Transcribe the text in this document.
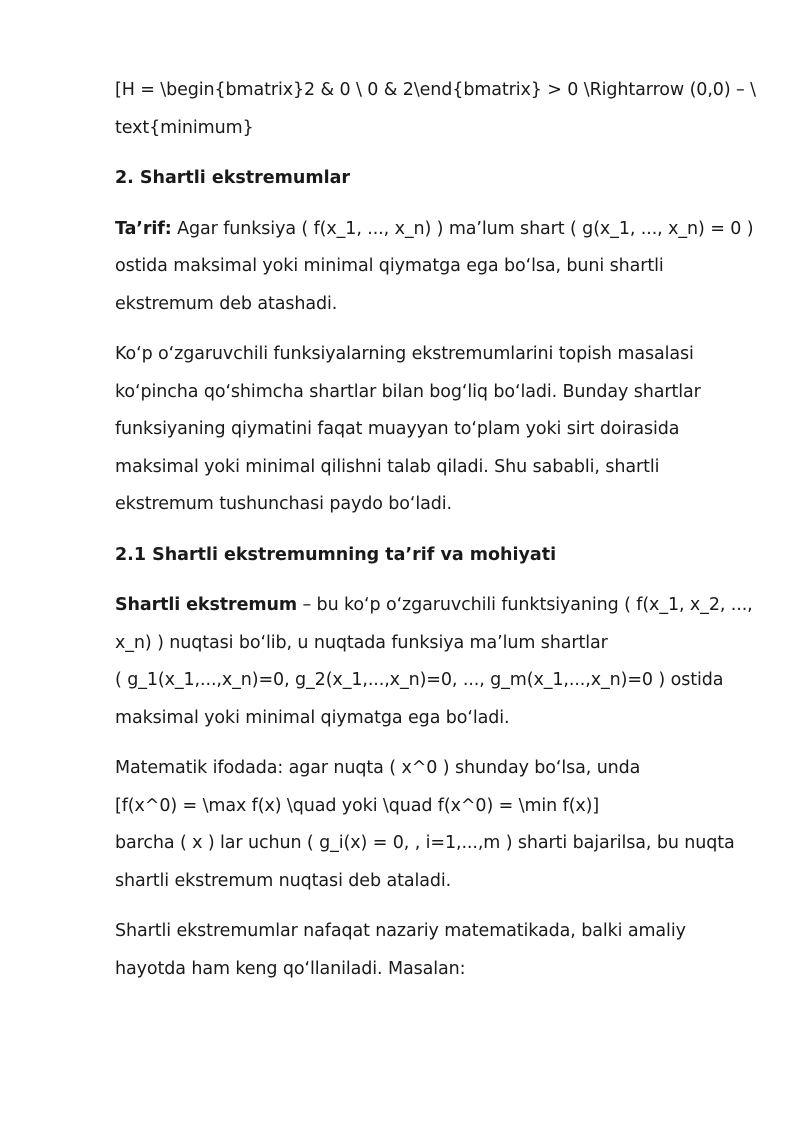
[H = \begin{bmatrix}2 & 0 \ 0 & 2\end{bmatrix} > 0 \Rightarrow (0,0) – \
text{minimum}
2. Shartli ekstremumlar
Ta’rif: Agar funksiya ( f(x_1, ..., x_n) ) ma’lum shart ( g(x_1, ..., x_n) = 0 )
ostida maksimal yoki minimal qiymatga ega bo‘lsa, buni shartli
ekstremum deb atashadi.
Ko‘p o‘zgaruvchili funksiyalarning ekstremumlarini topish masalasi
ko‘pincha qo‘shimcha shartlar bilan bog‘liq bo‘ladi. Bunday shartlar
funksiyaning qiymatini faqat muayyan to‘plam yoki sirt doirasida
maksimal yoki minimal qilishni talab qiladi. Shu sababli, shartli
ekstremum tushunchasi paydo bo‘ladi.
2.1 Shartli ekstremumning ta’rif va mohiyati
Shartli ekstremum – bu ko‘p o‘zgaruvchili funktsiyaning ( f(x_1, x_2, ...,
x_n) ) nuqtasi bo‘lib, u nuqtada funksiya ma’lum shartlar
( g_1(x_1,...,x_n)=0, g_2(x_1,...,x_n)=0, ..., g_m(x_1,...,x_n)=0 ) ostida
maksimal yoki minimal qiymatga ega bo‘ladi.
Matematik ifodada: agar nuqta ( x^0 ) shunday bo‘lsa, unda
[f(x^0) = \max f(x) \quad yoki \quad f(x^0) = \min f(x)]
barcha ( x ) lar uchun ( g_i(x) = 0, , i=1,...,m ) sharti bajarilsa, bu nuqta
shartli ekstremum nuqtasi deb ataladi.
Shartli ekstremumlar nafaqat nazariy matematikada, balki amaliy
hayotda ham keng qo‘llaniladi. Masalan:
